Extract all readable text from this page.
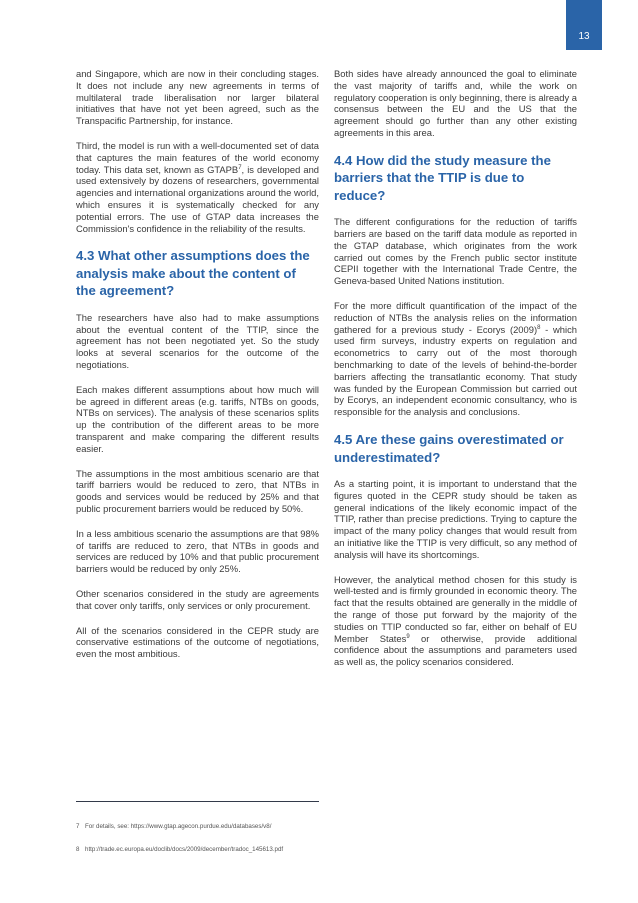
13

and Singapore, which are now in their concluding stages. It does not include any new agreements in terms of multilateral trade liberalisation nor larger bilateral initiatives that have not yet been agreed, such as the Transpacific Partnership, for instance.

Third, the model is run with a well-documented set of data that captures the main features of the world economy today. This data set, known as GTAPB$^7$, is developed and used extensively by dozens of researchers, governmental agencies and international organizations around the world, which ensures it is systematically checked for any potential errors. The use of GTAP data increases the Commission's confidence in the reliability of the results.

4.3 What other assumptions does the analysis make about the content of the agreement?

The researchers have also had to make assumptions about the eventual content of the TTIP, since the agreement has not been negotiated yet. So the study looks at several scenarios for the outcome of the negotiations.

Each makes different assumptions about how much will be agreed in different areas (e.g. tariffs, NTBs on goods, NTBs on services). The analysis of these scenarios splits up the contribution of the different areas to be more transparent and make comparing the different results easier.

The assumptions in the most ambitious scenario are that tariff barriers would be reduced to zero, that NTBs in goods and services would be reduced by 25% and that public procurement barriers would be reduced by 50%.

In a less ambitious scenario the assumptions are that 98% of tariffs are reduced to zero, that NTBs in goods and services are reduced by 10% and that public procurement barriers would be reduced by only 25%.

Other scenarios considered in the study are agreements that cover only tariffs, only services or only procurement.

All of the scenarios considered in the CEPR study are conservative estimations of the outcome of negotiations, even the most ambitious.

Both sides have already announced the goal to eliminate the vast majority of tariffs and, while the work on regulatory cooperation is only beginning, there is already a consensus between the EU and the US that the agreement should go further than any other existing agreements in this area.

4.4 How did the study measure the barriers that the TTIP is due to reduce?

The different configurations for the reduction of tariffs barriers are based on the tariff data module as reported in the GTAP database, which originates from the work carried out comes by the French public sector institute CEPII together with the International Trade Centre, the Geneva-based United Nations institution.

For the more difficult quantification of the impact of the reduction of NTBs the analysis relies on the information gathered for a previous study - Ecorys $(2009)^8$ - which used firm surveys, industry experts on regulation and econometrics to carry out of the most thorough benchmarking to date of the levels of behind-the-border barriers affecting the transatlantic economy. That study was funded by the European Commission but carried out by Ecorys, an independent economic consultancy, who is responsible for the analysis and conclusions.

4.5 Are these gains overestimated or underestimated?

As a starting point, it is important to understand that the figures quoted in the CEPR study should be taken as general indications of the likely economic impact of the TTIP, rather than precise predictions. Trying to capture the impact of the many policy changes that would result from an initiative like the TTIP is very difficult, so any method of analysis will have its shortcomings.

However, the analytical method chosen for this study is well-tested and is firmly grounded in economic theory. The fact that the results obtained are generally in the middle of the range of those put forward by the majority of the studies on TTIP conducted so far, either on behalf of EU Member States$^9$ or otherwise, provide additional confidence about the assumptions and parameters used as well as, the policy scenarios considered.

7 For details, see: https://www.gtap.agecon.purdue.edu/databases/v8/
8 http://trade.ec.europa.eu/doclib/docs/2009/december/tradoc_145613.pdf
